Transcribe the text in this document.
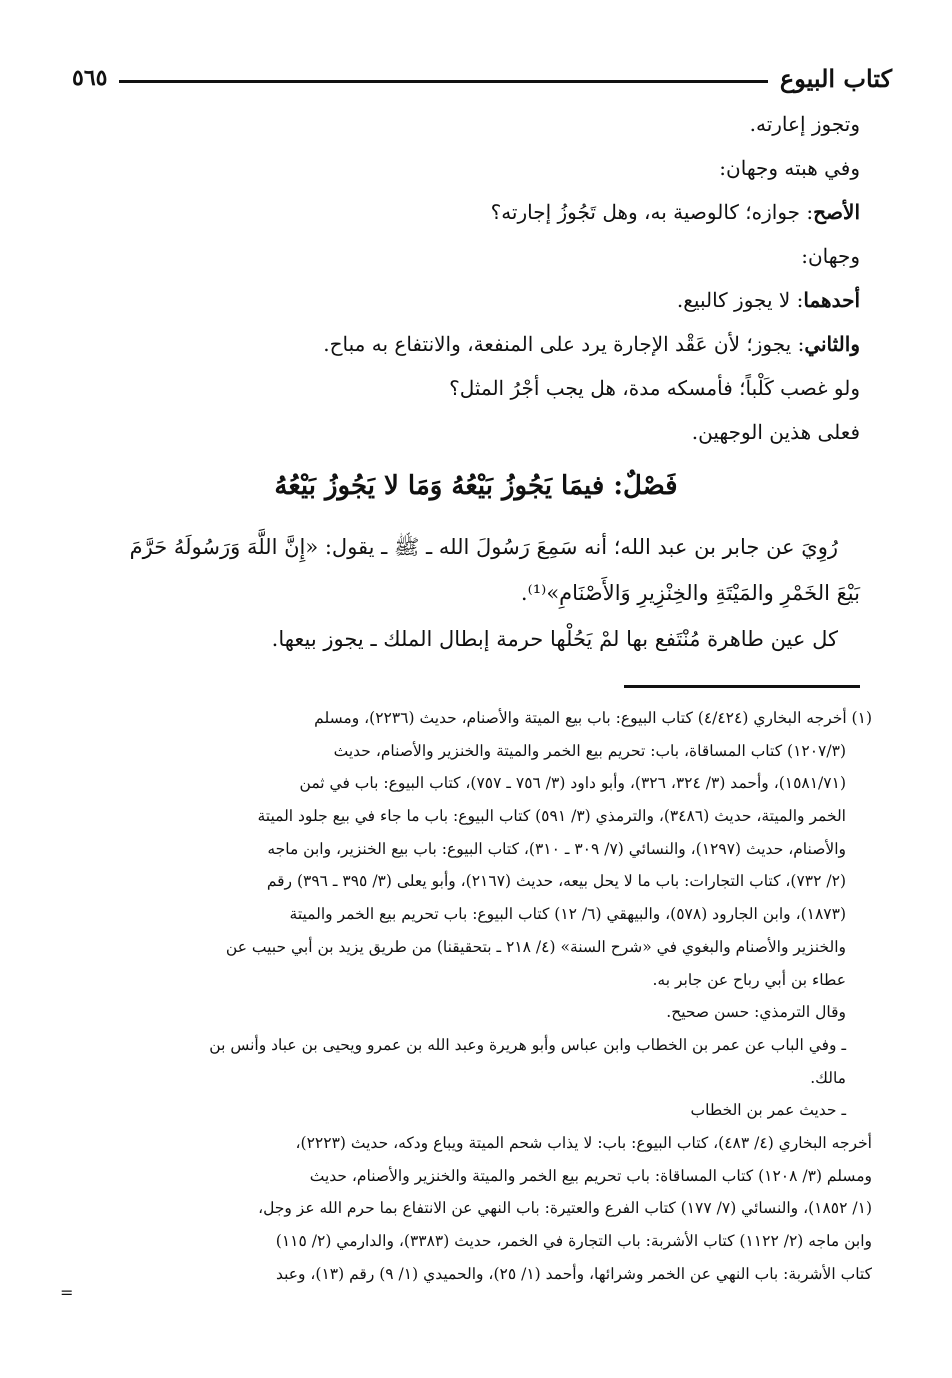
كتاب البيوع
٥٦٥
وتجوز إعارته.
وفي هبته وجهان:
الأصح: جوازه؛ كالوصية به، وهل تَجُوزُ إجارته؟
وجهان:
أحدهما: لا يجوز كالبيع.
والثاني: يجوز؛ لأن عَقْد الإجارة يرد على المنفعة، والانتفاع به مباح.
ولو غصب كَلْباً؛ فأمسكه مدة، هل يجب أجْرُ المثل؟
فعلى هذين الوجهين.
فَصْلٌ: فيمَا يَجُوزُ بَيْعُهُ وَمَا لا يَجُوزُ بَيْعُهُ
رُوِيَ عن جابر بن عبد الله؛ أنه سَمِعَ رَسُولَ الله ـ ﷺ ـ يقول: «إِنَّ اللَّهَ وَرَسُولَهُ حَرَّمَ
بَيْعَ الخَمْرِ والمَيْتَةِ والخِنْزِيرِ وَالأَصْنَامِ»⁽¹⁾.
كل عين طاهرة مُنْتَفع بها لمْ يَحُلْها حرمة إبطال الملك ـ يجوز بيعها.
(١) أخرجه البخاري (٤/٤٢٤) كتاب البيوع: باب بيع الميتة والأصنام، حديث (٢٢٣٦)، ومسلم
(١٢٠٧/٣) كتاب المساقاة، باب: تحريم بيع الخمر والميتة والخنزير والأصنام، حديث
(١٥٨١/٧١)، وأحمد (٣/ ٣٢٤، ٣٢٦)، وأبو داود (٣/ ٧٥٦ ـ ٧٥٧)، كتاب البيوع: باب في ثمن
الخمر والميتة، حديث (٣٤٨٦)، والترمذي (٣/ ٥٩١) كتاب البيوع: باب ما جاء في بيع جلود الميتة
والأصنام، حديث (١٢٩٧)، والنسائي (٧/ ٣٠٩ ـ ٣١٠)، كتاب البيوع: باب بيع الخنزير، وابن ماجه
(٢/ ٧٣٢)، كتاب التجارات: باب ما لا يحل بيعه، حديث (٢١٦٧)، وأبو يعلى (٣/ ٣٩٥ ـ ٣٩٦) رقم
(١٨٧٣)، وابن الجارود (٥٧٨)، والبيهقي (٦/ ١٢) كتاب البيوع: باب تحريم بيع الخمر والميتة
والخنزير والأصنام والبغوي في «شرح السنة» (٤/ ٢١٨ ـ بتحقيقنا) من طريق يزيد بن أبي حبيب عن
عطاء بن أبي رباح عن جابر به.
وقال الترمذي: حسن صحيح.
ـ وفي الباب عن عمر بن الخطاب وابن عباس وأبو هريرة وعبد الله بن عمرو ويحيى بن عباد وأنس بن
مالك.
ـ حديث عمر بن الخطاب
أخرجه البخاري (٤/ ٤٨٣)، كتاب البيوع: باب: لا يذاب شحم الميتة ويباع ودكه، حديث (٢٢٢٣)،
ومسلم (٣/ ١٢٠٨) كتاب المساقاة: باب تحريم بيع الخمر والميتة والخنزير والأصنام، حديث
(١/ ١٨٥٢)، والنسائي (٧/ ١٧٧) كتاب الفرع والعتيرة: باب النهي عن الانتفاع بما حرم الله عز وجل،
وابن ماجه (٢/ ١١٢٢) كتاب الأشربة: باب التجارة في الخمر، حديث (٣٣٨٣)، والدارمي (٢/ ١١٥)
كتاب الأشربة: باب النهي عن الخمر وشرائها، وأحمد (١/ ٢٥)، والحميدي (١/ ٩) رقم (١٣)، وعبد
=
